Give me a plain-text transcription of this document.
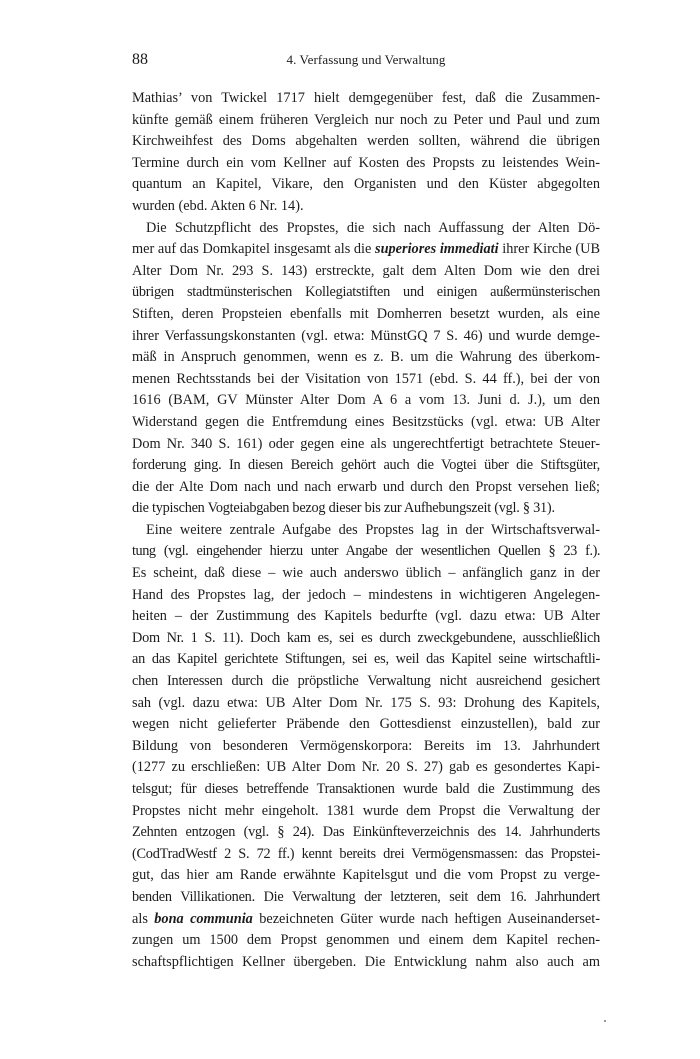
88	4. Verfassung und Verwaltung
Mathias’ von Twickel 1717 hielt demgegenüber fest, daß die Zusammen-
künfte gemäß einem früheren Vergleich nur noch zu Peter und Paul und zum
Kirchweihfest des Doms abgehalten werden sollten, während die übrigen
Termine durch ein vom Kellner auf Kosten des Propsts zu leistendes Wein-
quantum an Kapitel, Vikare, den Organisten und den Küster abgegolten
wurden (ebd. Akten 6 Nr. 14).
Die Schutzpflicht des Propstes, die sich nach Auffassung der Alten Dö-
mer auf das Domkapitel insgesamt als die superiores immediati ihrer Kirche (UB
Alter Dom Nr. 293 S. 143) erstreckte, galt dem Alten Dom wie den drei
übrigen stadtmünsterischen Kollegiatstiften und einigen außermünsterischen
Stiften, deren Propsteien ebenfalls mit Domherren besetzt wurden, als eine
ihrer Verfassungskonstanten (vgl. etwa: MünstGQ 7 S. 46) und wurde demge-
mäß in Anspruch genommen, wenn es z. B. um die Wahrung des überkom-
menen Rechtsstands bei der Visitation von 1571 (ebd. S. 44 ff.), bei der von
1616 (BAM, GV Münster Alter Dom A 6 a vom 13. Juni d. J.), um den
Widerstand gegen die Entfremdung eines Besitzstücks (vgl. etwa: UB Alter
Dom Nr. 340 S. 161) oder gegen eine als ungerechtfertigt betrachtete Steuer-
forderung ging. In diesen Bereich gehört auch die Vogtei über die Stiftsgüter,
die der Alte Dom nach und nach erwarb und durch den Propst versehen ließ;
die typischen Vogteiabgaben bezog dieser bis zur Aufhebungszeit (vgl. § 31).
Eine weitere zentrale Aufgabe des Propstes lag in der Wirtschaftsverwal-
tung (vgl. eingehender hierzu unter Angabe der wesentlichen Quellen § 23 f.).
Es scheint, daß diese – wie auch anderswo üblich – anfänglich ganz in der
Hand des Propstes lag, der jedoch – mindestens in wichtigeren Angelegen-
heiten – der Zustimmung des Kapitels bedurfte (vgl. dazu etwa: UB Alter
Dom Nr. 1 S. 11). Doch kam es, sei es durch zweckgebundene, ausschließlich
an das Kapitel gerichtete Stiftungen, sei es, weil das Kapitel seine wirtschaftli-
chen Interessen durch die pröpstliche Verwaltung nicht ausreichend gesichert
sah (vgl. dazu etwa: UB Alter Dom Nr. 175 S. 93: Drohung des Kapitels,
wegen nicht gelieferter Präbende den Gottesdienst einzustellen), bald zur
Bildung von besonderen Vermögenskorpora: Bereits im 13. Jahrhundert
(1277 zu erschließen: UB Alter Dom Nr. 20 S. 27) gab es gesondertes Kapi-
telsgut; für dieses betreffende Transaktionen wurde bald die Zustimmung des
Propstes nicht mehr eingeholt. 1381 wurde dem Propst die Verwaltung der
Zehnten entzogen (vgl. § 24). Das Einkünfteverzeichnis des 14. Jahrhunderts
(CodTradWestf 2 S. 72 ff.) kennt bereits drei Vermögensmassen: das Propstei-
gut, das hier am Rande erwähnte Kapitelsgut und die vom Propst zu verge-
benden Villikationen. Die Verwaltung der letzteren, seit dem 16. Jahrhundert
als bona communia bezeichneten Güter wurde nach heftigen Auseinanderset-
zungen um 1500 dem Propst genommen und einem dem Kapitel rechen-
schaftspflichtigen Kellner übergeben. Die Entwicklung nahm also auch am
